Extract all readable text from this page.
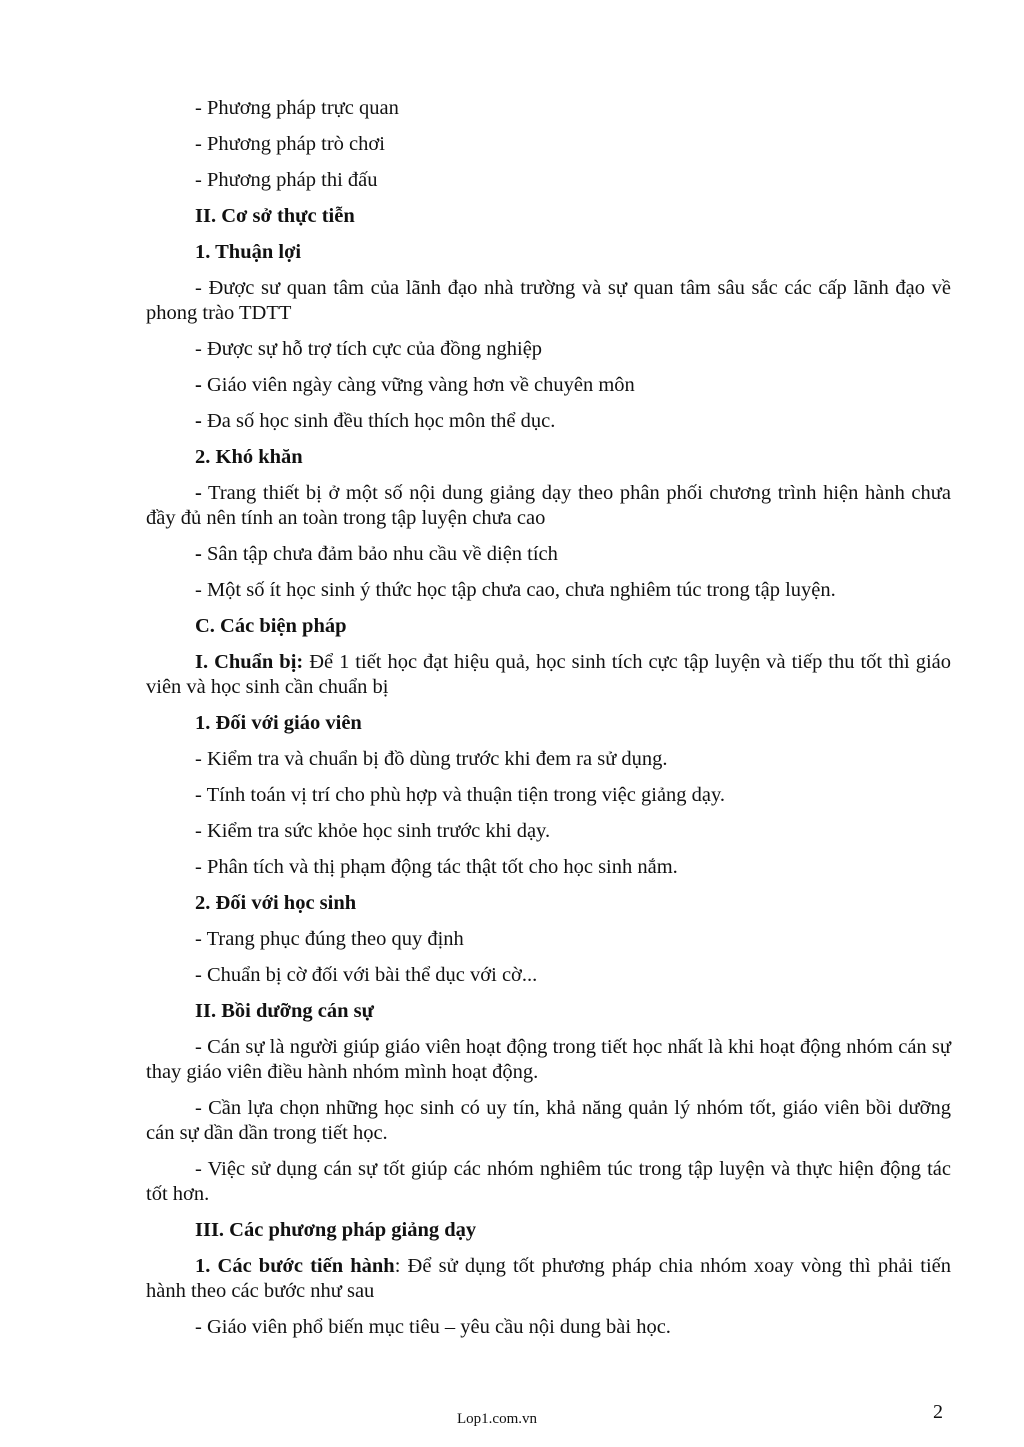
- Phương pháp trực quan

- Phương pháp trò chơi

- Phương pháp thi đấu

II. Cơ sở thực tiễn

1. Thuận lợi

- Được sư quan tâm của lãnh đạo nhà trường và sự quan tâm sâu sắc các cấp lãnh đạo về phong trào TDTT

- Được sự hỗ trợ tích cực của đồng nghiệp

- Giáo viên ngày càng vững vàng hơn về chuyên môn

- Đa số học sinh đều thích học môn thể dục.

2. Khó khăn

- Trang thiết bị ở một số nội dung giảng dạy theo phân phối chương trình hiện hành chưa đầy đủ nên tính an toàn trong tập luyện chưa cao

- Sân tập chưa đảm bảo nhu cầu về diện tích

- Một số ít học sinh ý thức học tập chưa cao, chưa nghiêm túc trong tập luyện.

C. Các biện pháp

I. Chuẩn bị: Để 1 tiết học đạt hiệu quả, học sinh tích cực tập luyện và tiếp thu tốt thì giáo viên và học sinh cần chuẩn bị

1. Đối với giáo viên

- Kiểm tra và chuẩn bị đồ dùng trước khi đem ra sử dụng.

- Tính toán vị trí cho phù hợp và thuận tiện trong việc giảng dạy.

- Kiểm tra sức khỏe học sinh trước khi dạy.

- Phân tích và thị phạm động tác thật tốt cho học sinh nắm.

2. Đối với học sinh

- Trang phục đúng theo quy định

- Chuẩn bị cờ đối với bài thể dục với cờ...

II. Bồi dưỡng cán sự

- Cán sự là người giúp giáo viên hoạt động trong tiết học nhất là khi hoạt động nhóm cán sự thay giáo viên điều hành nhóm mình hoạt động.

- Cần lựa chọn những học sinh có uy tín, khả năng quản lý nhóm tốt, giáo viên bồi dưỡng cán sự dần dần trong tiết học.

- Việc sử dụng cán sự tốt giúp các nhóm nghiêm túc trong tập luyện và thực hiện động tác tốt hơn.

III. Các phương pháp giảng dạy

1. Các bước tiến hành: Để sử dụng tốt phương pháp chia nhóm xoay vòng thì phải tiến hành theo các bước như sau

- Giáo viên phổ biến mục tiêu – yêu cầu nội dung bài học.

Lop1.com.vn	2
